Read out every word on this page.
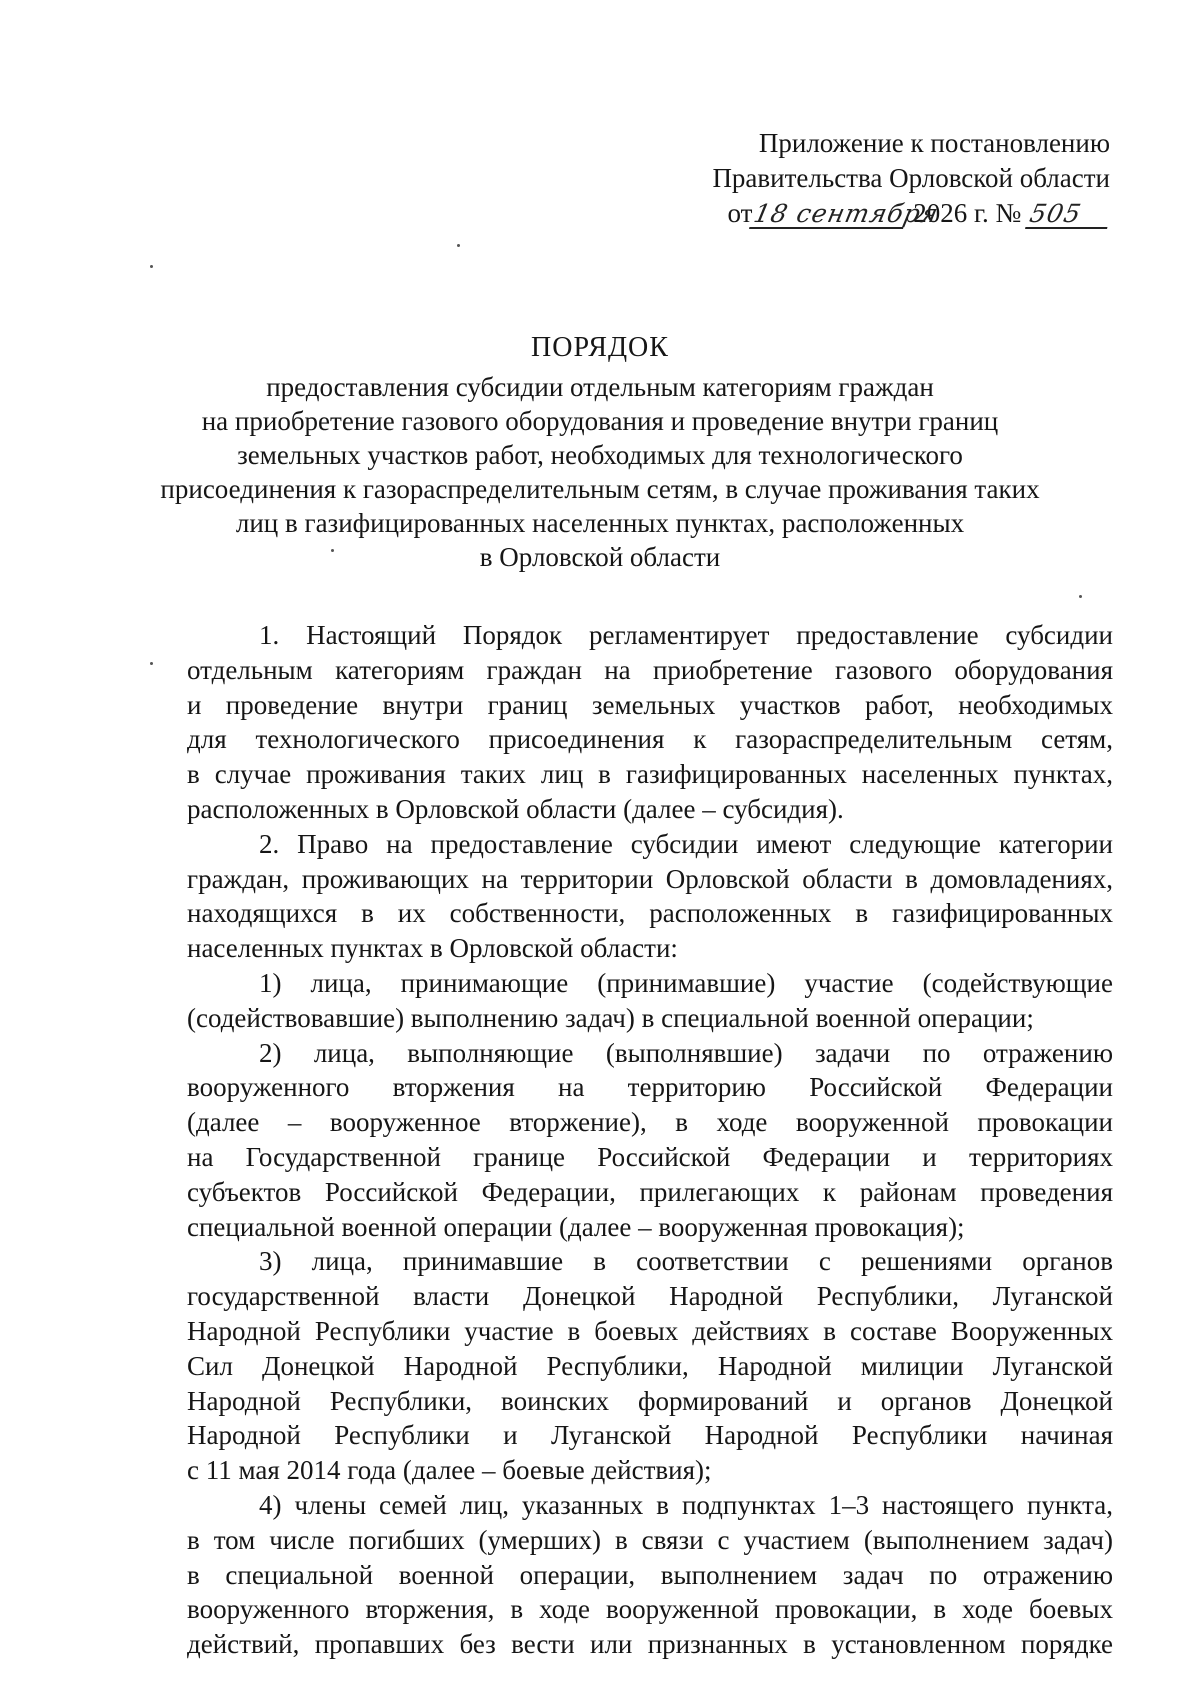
Приложение к постановлению
Правительства Орловской области
от18 сентября 2026 г. № 505
ПОРЯДОК

предоставления субсидии отдельным категориям граждан
на приобретение газового оборудования и проведение внутри границ
земельных участков работ, необходимых для технологического
присоединения к газораспределительным сетям, в случае проживания таких
лиц в газифицированных населенных пунктах, расположенных
в Орловской области

1. Настоящий Порядок регламентирует предоставление субсидии
отдельным категориям граждан на приобретение газового оборудования
и проведение внутри границ земельных участков работ, необходимых
для технологического присоединения к газораспределительным сетям,
в случае проживания таких лиц в газифицированных населенных пунктах,
расположенных в Орловской области (далее – субсидия).
2. Право на предоставление субсидии имеют следующие категории
граждан, проживающих на территории Орловской области в домовладениях,
находящихся в их собственности, расположенных в газифицированных
населенных пунктах в Орловской области:
1) лица, принимающие (принимавшие) участие (содействующие
(содействовавшие) выполнению задач) в специальной военной операции;
2) лица, выполняющие (выполнявшие) задачи по отражению
вооруженного вторжения на территорию Российской Федерации
(далее – вооруженное вторжение), в ходе вооруженной провокации
на Государственной границе Российской Федерации и территориях
субъектов Российской Федерации, прилегающих к районам проведения
специальной военной операции (далее – вооруженная провокация);
3) лица, принимавшие в соответствии с решениями органов
государственной власти Донецкой Народной Республики, Луганской
Народной Республики участие в боевых действиях в составе Вооруженных
Сил Донецкой Народной Республики, Народной милиции Луганской
Народной Республики, воинских формирований и органов Донецкой
Народной Республики и Луганской Народной Республики начиная
с 11 мая 2014 года (далее – боевые действия);
4) члены семей лиц, указанных в подпунктах 1–3 настоящего пункта,
в том числе погибших (умерших) в связи с участием (выполнением задач)
в специальной военной операции, выполнением задач по отражению
вооруженного вторжения, в ходе вооруженной провокации, в ходе боевых
действий, пропавших без вести или признанных в установленном порядке
